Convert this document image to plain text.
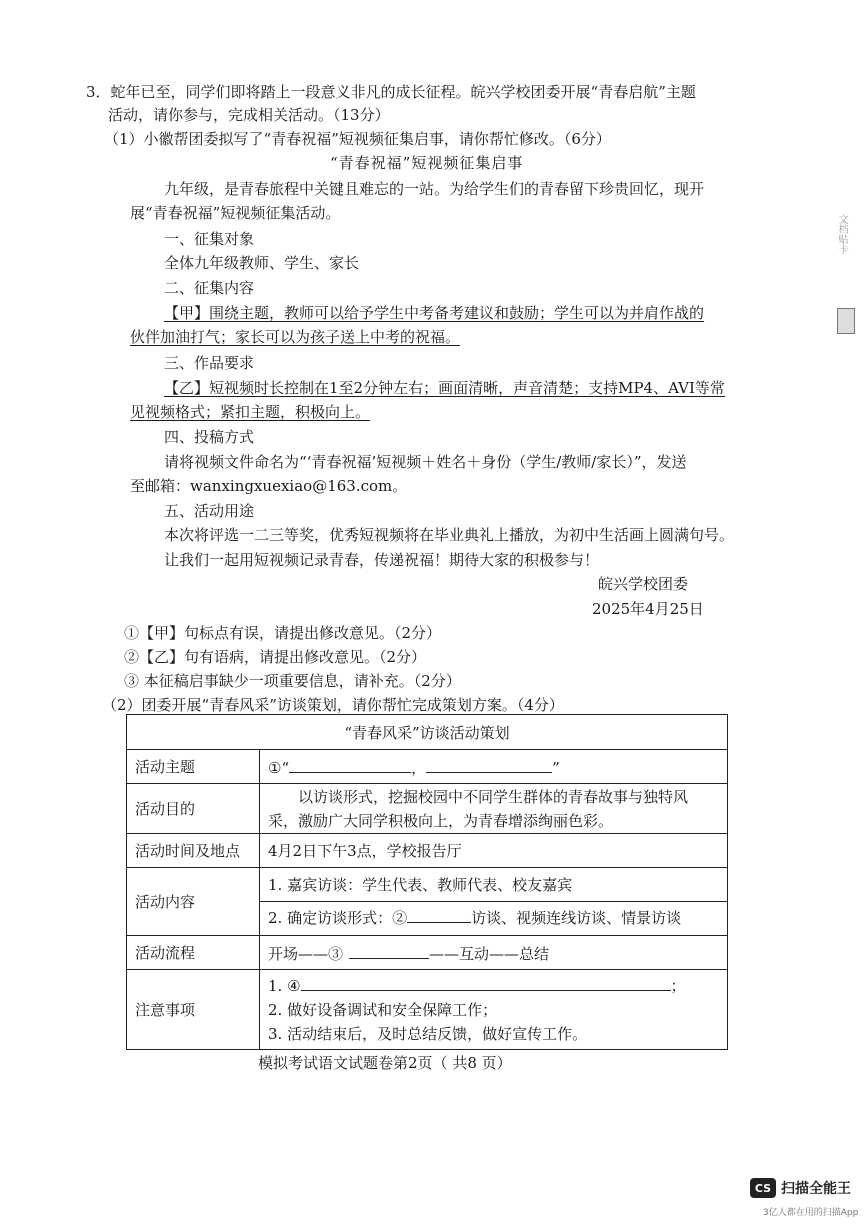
3．蛇年已至，同学们即将踏上一段意义非凡的成长征程。皖兴学校团委开展“青春启航”主题
活动，请你参与，完成相关活动。（13分）
（1）小徽帮团委拟写了“青春祝福”短视频征集启事，请你帮忙修改。（6分）
“青春祝福”短视频征集启事
九年级，是青春旅程中关键且难忘的一站。为给学生们的青春留下珍贵回忆，现开
展“青春祝福”短视频征集活动。
一、征集对象
全体九年级教师、学生、家长
二、征集内容
【甲】围绕主题，教师可以给予学生中考备考建议和鼓励；学生可以为并肩作战的
伙伴加油打气；家长可以为孩子送上中考的祝福。
三、作品要求
【乙】短视频时长控制在1至2分钟左右；画面清晰，声音清楚；支持MP4、AVI等常
见视频格式；紧扣主题，积极向上。
四、投稿方式
请将视频文件命名为“‘青春祝福’短视频＋姓名＋身份（学生/教师/家长）”，发送
至邮箱：wanxingxuexiao@163.com。
五、活动用途
本次将评选一二三等奖，优秀短视频将在毕业典礼上播放，为初中生活画上圆满句号。
让我们一起用短视频记录青春，传递祝福！期待大家的积极参与！
皖兴学校团委
2025年4月25日
①【甲】句标点有误，请提出修改意见。（2分）
②【乙】句有语病，请提出修改意见。（2分）
③ 本征稿启事缺少一项重要信息，请补充。（2分）
（2）团委开展“青春风采”访谈策划，请你帮忙完成策划方案。（4分）
“青春风采”访谈活动策划	
活动主题	①“ ， ”
活动目的	以访谈形式，挖掘校园中不同学生群体的青春故事与独特风
采，激励广大同学积极向上，为青春增添绚丽色彩。

活动时间及地点	4月2日下午3点，学校报告厅
活动内容	1. 嘉宾访谈：学生代表、教师代表、校友嘉宾
2. 确定访谈形式：② 访谈、视频连线访谈、情景访谈

活动流程	开场——③ ——互动——总结
注意事项	1. ④ ；
2. 做好设备调试和安全保障工作；
3. 活动结束后，及时总结反馈，做好宣传工作。
模拟考试语文试题卷第2页（ 共8 页）
文档贴卡
CS 扫描全能王
3亿人都在用的扫描App
